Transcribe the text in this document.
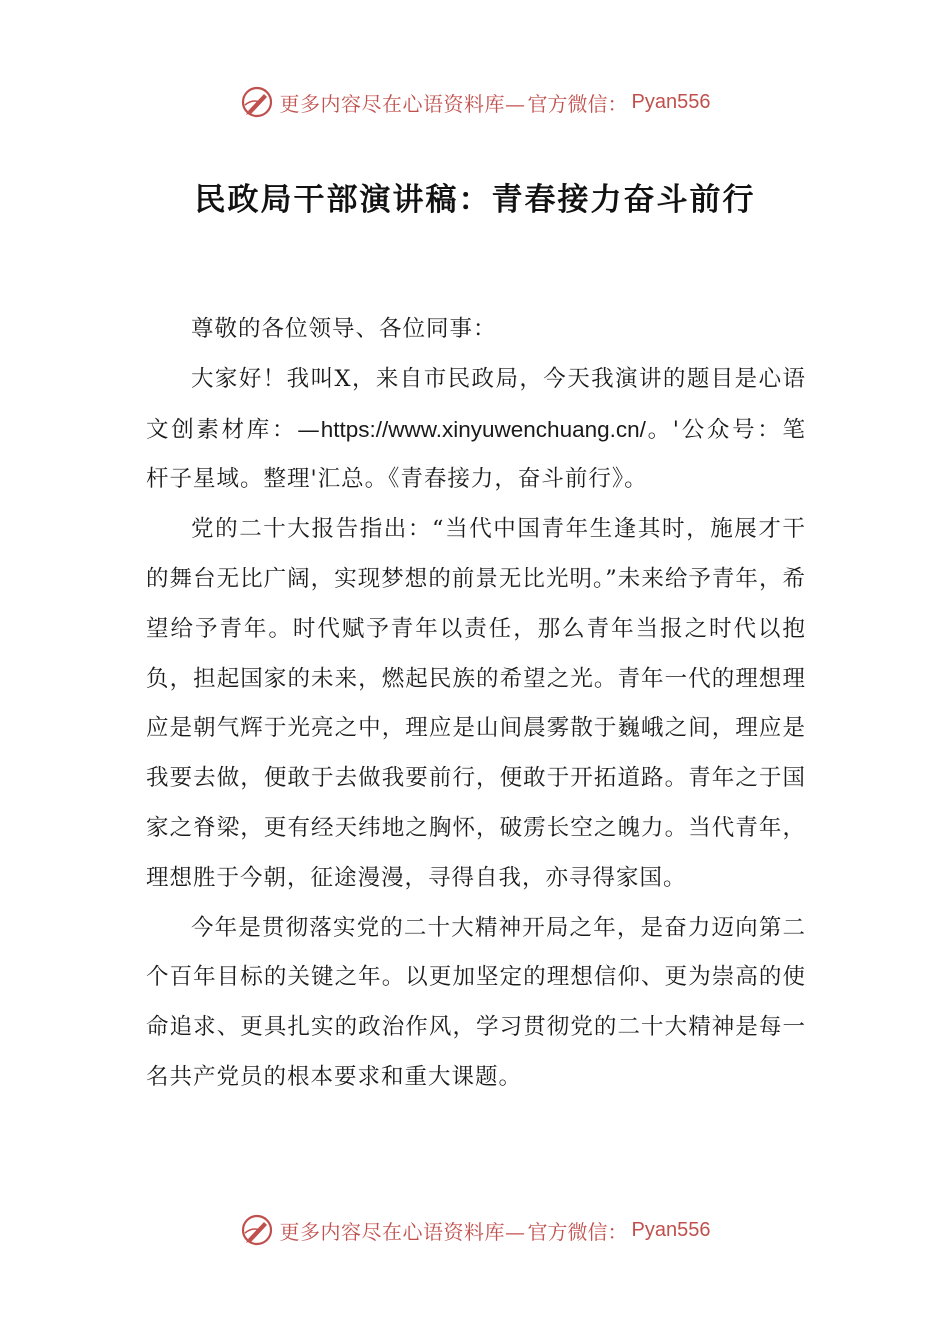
更多内容尽在心语资料库— 官方微信： Pyan556
民政局干部演讲稿：青春接力奋斗前行

尊敬的各位领导、各位同事：

大家好！我叫X，来自市民政局，今天我演讲的题目是心语文创素材库：—https://www.xinyuwenchuang.cn/。'公众号：笔杆子星域。整理'汇总。《青春接力，奋斗前行》。

党的二十大报告指出：“当代中国青年生逢其时，施展才干的舞台无比广阔，实现梦想的前景无比光明。”未来给予青年，希望给予青年。时代赋予青年以责任，那么青年当报之时代以抱负，担起国家的未来，燃起民族的希望之光。青年一代的理想理应是朝气辉于光亮之中，理应是山间晨雾散于巍峨之间，理应是我要去做，便敢于去做我要前行，便敢于开拓道路。青年之于国家之脊梁，更有经天纬地之胸怀，破雳长空之魄力。当代青年，理想胜于今朝，征途漫漫，寻得自我，亦寻得家国。

今年是贯彻落实党的二十大精神开局之年，是奋力迈向第二个百年目标的关键之年。以更加坚定的理想信仰、更为崇高的使命追求、更具扎实的政治作风，学习贯彻党的二十大精神是每一名共产党员的根本要求和重大课题。

更多内容尽在心语资料库— 官方微信： Pyan556
